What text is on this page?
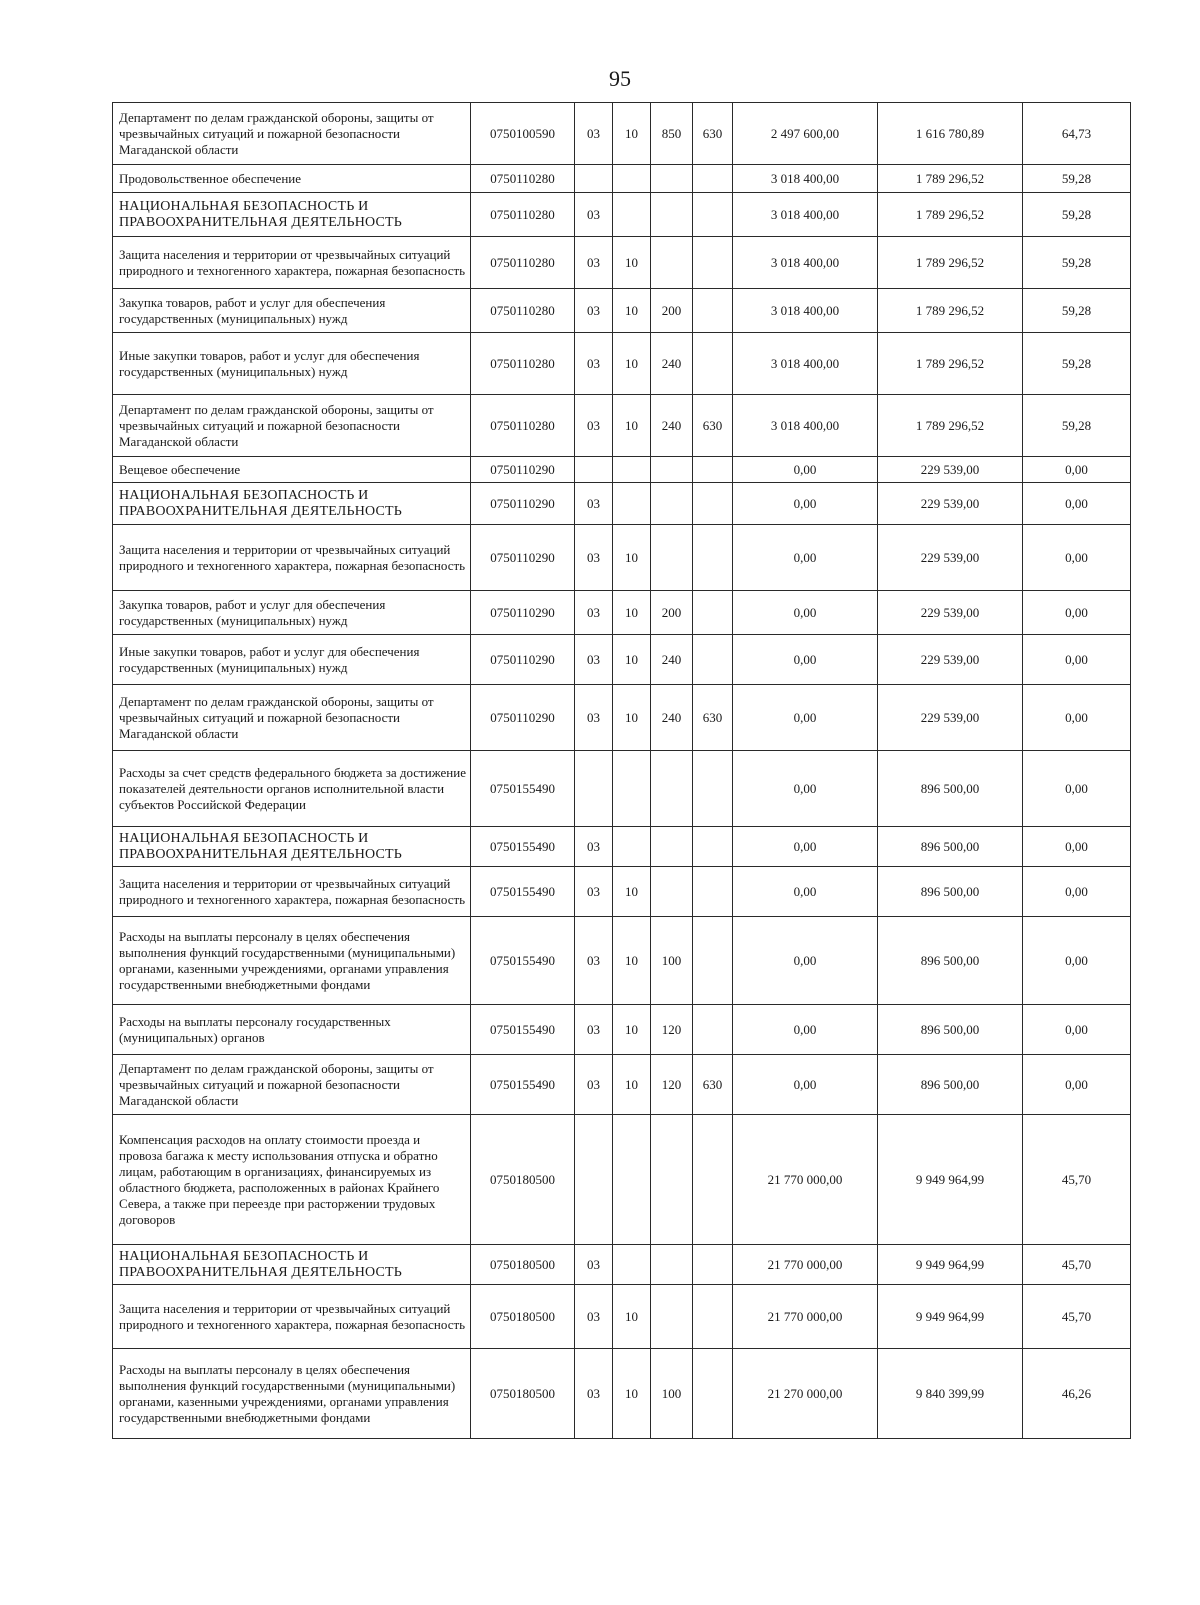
95
Департамент по делам гражданской обороны, защиты от чрезвычайных ситуаций и пожарной безопасности Магаданской области	0750100590	03	10	850	630	2 497 600,00	1 616 780,89	64,73
Продовольственное обеспечение	0750110280					3 018 400,00	1 789 296,52	59,28
НАЦИОНАЛЬНАЯ БЕЗОПАСНОСТЬ И ПРАВООХРАНИТЕЛЬНАЯ ДЕЯТЕЛЬНОСТЬ	0750110280	03				3 018 400,00	1 789 296,52	59,28
Защита населения и территории от чрезвычайных ситуаций природного и техногенного характера, пожарная безопасность	0750110280	03	10			3 018 400,00	1 789 296,52	59,28
Закупка товаров, работ и услуг для обеспечения государственных (муниципальных) нужд	0750110280	03	10	200		3 018 400,00	1 789 296,52	59,28
Иные закупки товаров, работ и услуг для обеспечения государственных (муниципальных) нужд	0750110280	03	10	240		3 018 400,00	1 789 296,52	59,28
Департамент по делам гражданской обороны, защиты от чрезвычайных ситуаций и пожарной безопасности Магаданской области	0750110280	03	10	240	630	3 018 400,00	1 789 296,52	59,28
Вещевое обеспечение	0750110290					0,00	229 539,00	0,00
НАЦИОНАЛЬНАЯ БЕЗОПАСНОСТЬ И ПРАВООХРАНИТЕЛЬНАЯ ДЕЯТЕЛЬНОСТЬ	0750110290	03				0,00	229 539,00	0,00
Защита населения и территории от чрезвычайных ситуаций природного и техногенного характера, пожарная безопасность	0750110290	03	10			0,00	229 539,00	0,00
Закупка товаров, работ и услуг для обеспечения государственных (муниципальных) нужд	0750110290	03	10	200		0,00	229 539,00	0,00
Иные закупки товаров, работ и услуг для обеспечения государственных (муниципальных) нужд	0750110290	03	10	240		0,00	229 539,00	0,00
Департамент по делам гражданской обороны, защиты от чрезвычайных ситуаций и пожарной безопасности Магаданской области	0750110290	03	10	240	630	0,00	229 539,00	0,00
Расходы за счет средств федерального бюджета за достижение показателей деятельности органов исполнительной власти субъектов Российской Федерации	0750155490					0,00	896 500,00	0,00
НАЦИОНАЛЬНАЯ БЕЗОПАСНОСТЬ И ПРАВООХРАНИТЕЛЬНАЯ ДЕЯТЕЛЬНОСТЬ	0750155490	03				0,00	896 500,00	0,00
Защита населения и территории от чрезвычайных ситуаций природного и техногенного характера, пожарная безопасность	0750155490	03	10			0,00	896 500,00	0,00
Расходы на выплаты персоналу в целях обеспечения выполнения функций государственными (муниципальными) органами, казенными учреждениями, органами управления государственными внебюджетными фондами	0750155490	03	10	100		0,00	896 500,00	0,00
Расходы на выплаты персоналу государственных (муниципальных) органов	0750155490	03	10	120		0,00	896 500,00	0,00
Департамент по делам гражданской обороны, защиты от чрезвычайных ситуаций и пожарной безопасности Магаданской области	0750155490	03	10	120	630	0,00	896 500,00	0,00
Компенсация расходов на оплату стоимости проезда и провоза багажа к месту использования отпуска и обратно лицам, работающим в организациях, финансируемых из областного бюджета, расположенных в районах Крайнего Севера, а также при переезде при расторжении трудовых договоров	0750180500					21 770 000,00	9 949 964,99	45,70
НАЦИОНАЛЬНАЯ БЕЗОПАСНОСТЬ И ПРАВООХРАНИТЕЛЬНАЯ ДЕЯТЕЛЬНОСТЬ	0750180500	03				21 770 000,00	9 949 964,99	45,70
Защита населения и территории от чрезвычайных ситуаций природного и техногенного характера, пожарная безопасность	0750180500	03	10			21 770 000,00	9 949 964,99	45,70
Расходы на выплаты персоналу в целях обеспечения выполнения функций государственными (муниципальными) органами, казенными учреждениями, органами управления государственными внебюджетными фондами	0750180500	03	10	100		21 270 000,00	9 840 399,99	46,26
